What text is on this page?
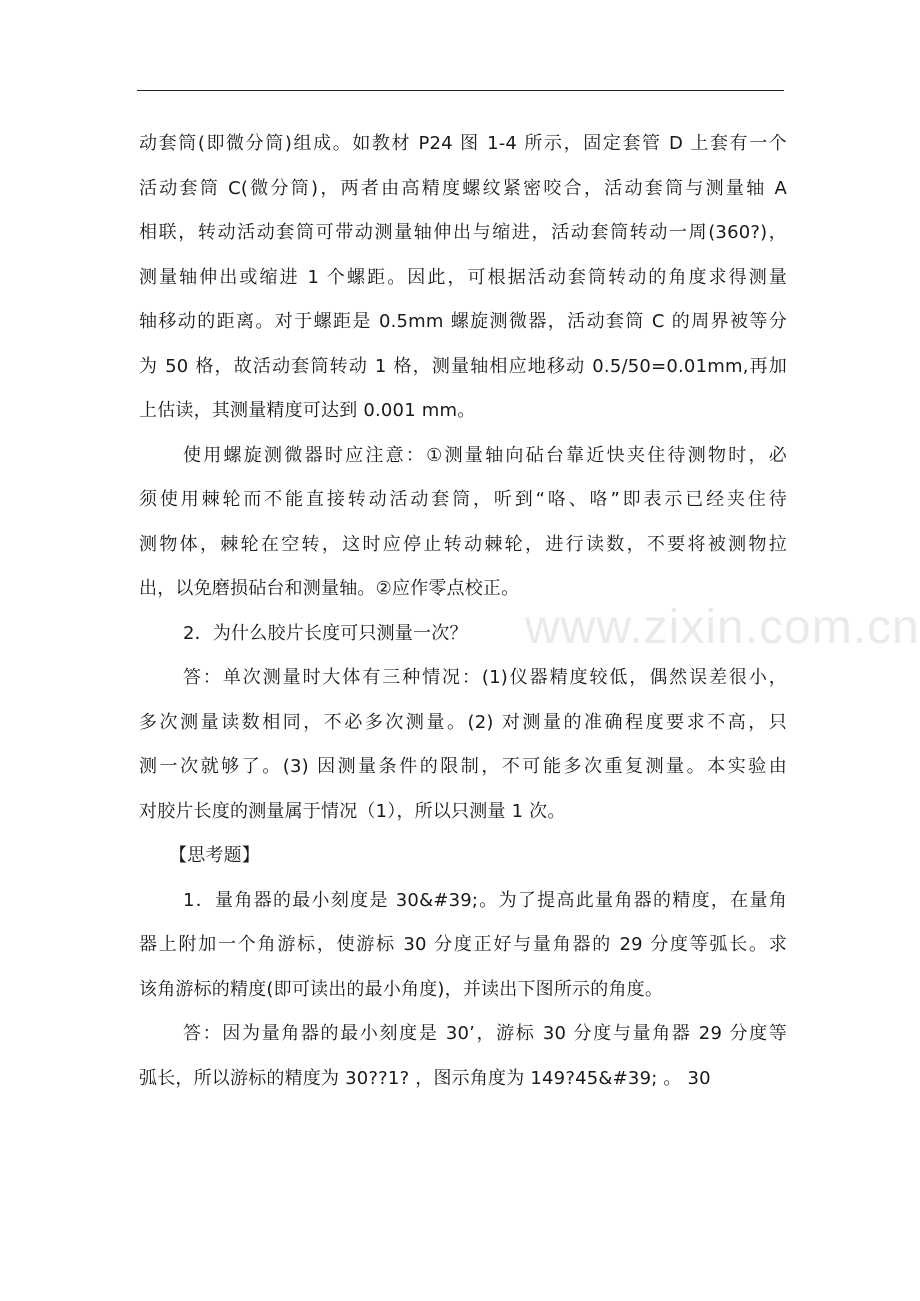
动套筒(即微分筒)组成。如教材 P24 图 1-4 所示，固定套管 D 上套有一个
活动套筒 C(微分筒)，两者由高精度螺纹紧密咬合，活动套筒与测量轴 A
相联，转动活动套筒可带动测量轴伸出与缩进，活动套筒转动一周(360?)，
测量轴伸出或缩进 1 个螺距。因此，可根据活动套筒转动的角度求得测量
轴移动的距离。对于螺距是 0.5mm 螺旋测微器，活动套筒 C 的周界被等分
为 50 格，故活动套筒转动 1 格，测量轴相应地移动 0.5/50=0.01mm,再加
上估读，其测量精度可达到 0.001 mm。
使用螺旋测微器时应注意：①测量轴向砧台靠近快夹住待测物时，必
须使用棘轮而不能直接转动活动套筒，听到“咯、咯”即表示已经夹住待
测物体，棘轮在空转，这时应停止转动棘轮，进行读数，不要将被测物拉
出，以免磨损砧台和测量轴。②应作零点校正。
2．为什么胶片长度可只测量一次？
答：单次测量时大体有三种情况：(1)仪器精度较低，偶然误差很小，
多次测量读数相同，不必多次测量。(2) 对测量的准确程度要求不高，只
测一次就够了。(3) 因测量条件的限制，不可能多次重复测量。本实验由
对胶片长度的测量属于情况（1），所以只测量 1 次。
【思考题】
1．量角器的最小刻度是 30&#39;。为了提高此量角器的精度，在量角
器上附加一个角游标，使游标 30 分度正好与量角器的 29 分度等弧长。求
该角游标的精度(即可读出的最小角度)，并读出下图所示的角度。
答：因为量角器的最小刻度是 30’，游标 30 分度与量角器 29 分度等
弧长，所以游标的精度为 30??1? ，图示角度为 149?45&#39; 。 30
www.zixin.com.cn
